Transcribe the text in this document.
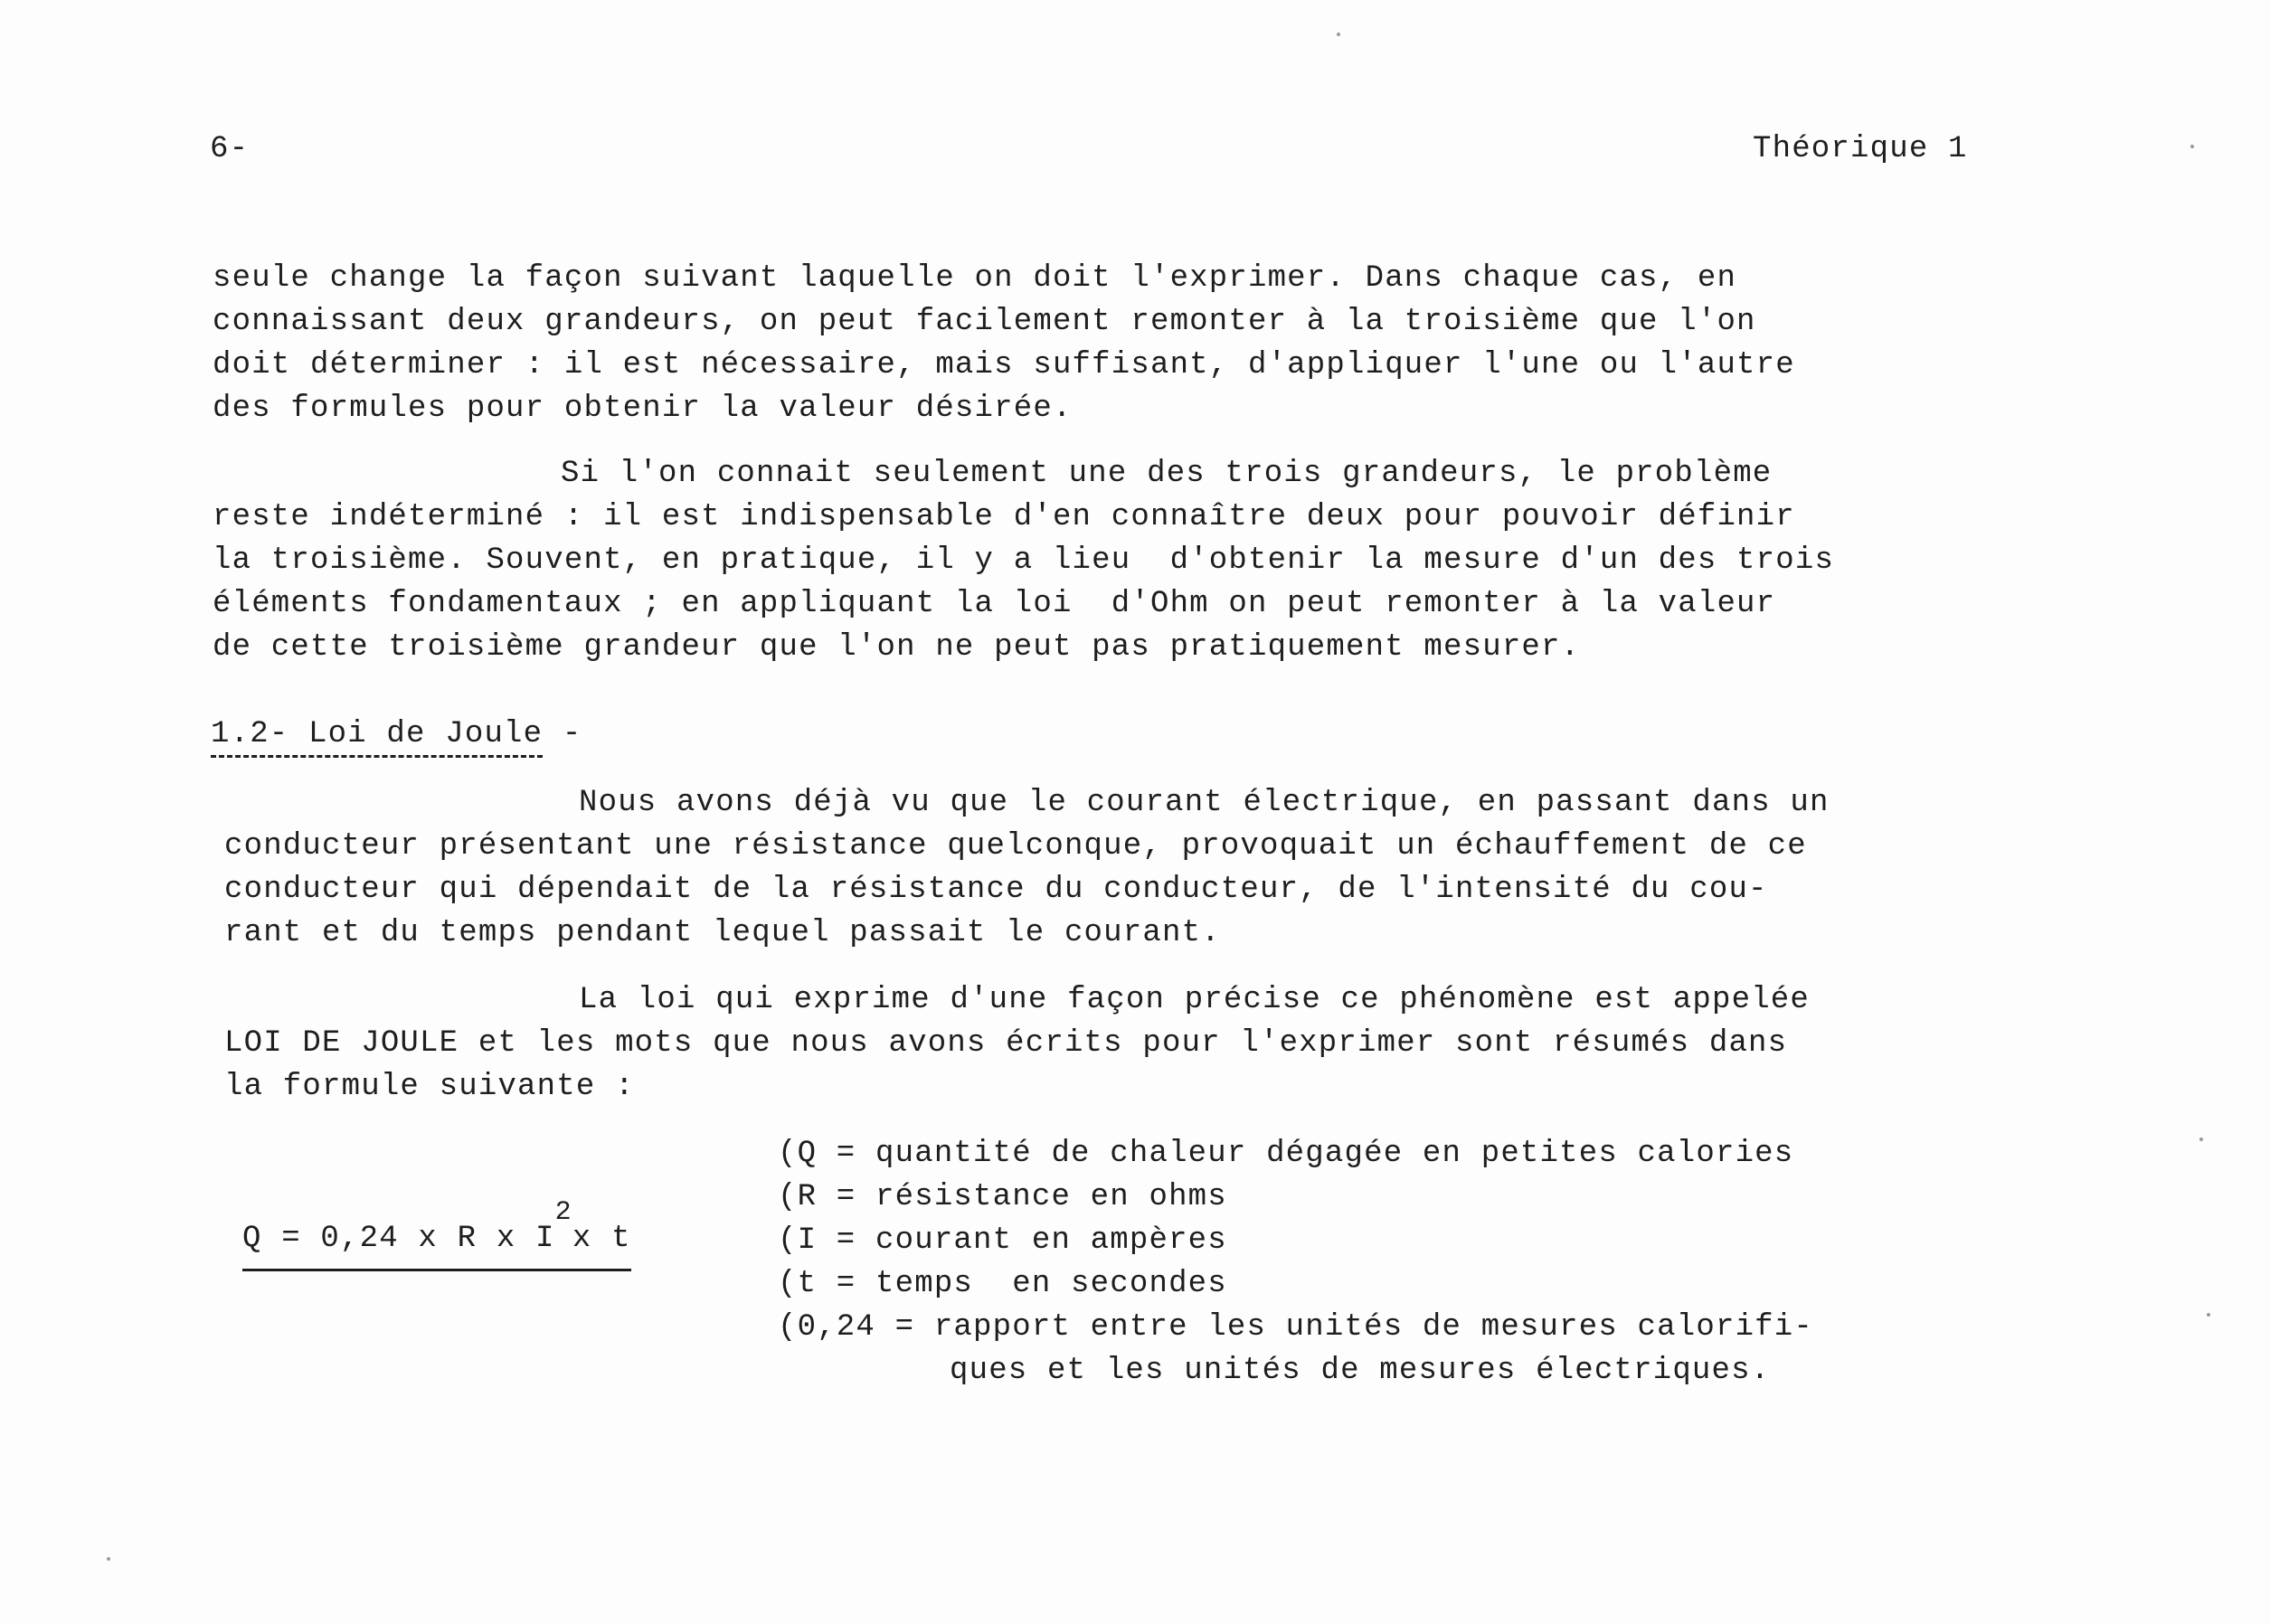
6-	Théorique 1
seule change la façon suivant laquelle on doit l'exprimer. Dans chaque cas, en
connaissant deux grandeurs, on peut facilement remonter à la troisième que l'on
doit déterminer : il est nécessaire, mais suffisant, d'appliquer l'une ou l'autre
des formules pour obtenir la valeur désirée.
Si l'on connait seulement une des trois grandeurs, le problème
reste indéterminé : il est indispensable d'en connaître deux pour pouvoir définir
la troisième. Souvent, en pratique, il y a lieu  d'obtenir la mesure d'un des trois
éléments fondamentaux ; en appliquant la loi  d'Ohm on peut remonter à la valeur
de cette troisième grandeur que l'on ne peut pas pratiquement mesurer.
1.2- Loi de Joule -
Nous avons déjà vu que le courant électrique, en passant dans un
conducteur présentant une résistance quelconque, provoquait un échauffement de ce
conducteur qui dépendait de la résistance du conducteur, de l'intensité du cou-
rant et du temps pendant lequel passait le courant.
La loi qui exprime d'une façon précise ce phénomène est appelée
LOI DE JOULE et les mots que nous avons écrits pour l'exprimer sont résumés dans
la formule suivante :
Q = 0,24 x R x I2x t
(Q = quantité de chaleur dégagée en petites calories
(R = résistance en ohms
(I = courant en ampères
(t = temps  en secondes
(0,24 = rapport entre les unités de mesures calorifi-
ques et les unités de mesures électriques.
